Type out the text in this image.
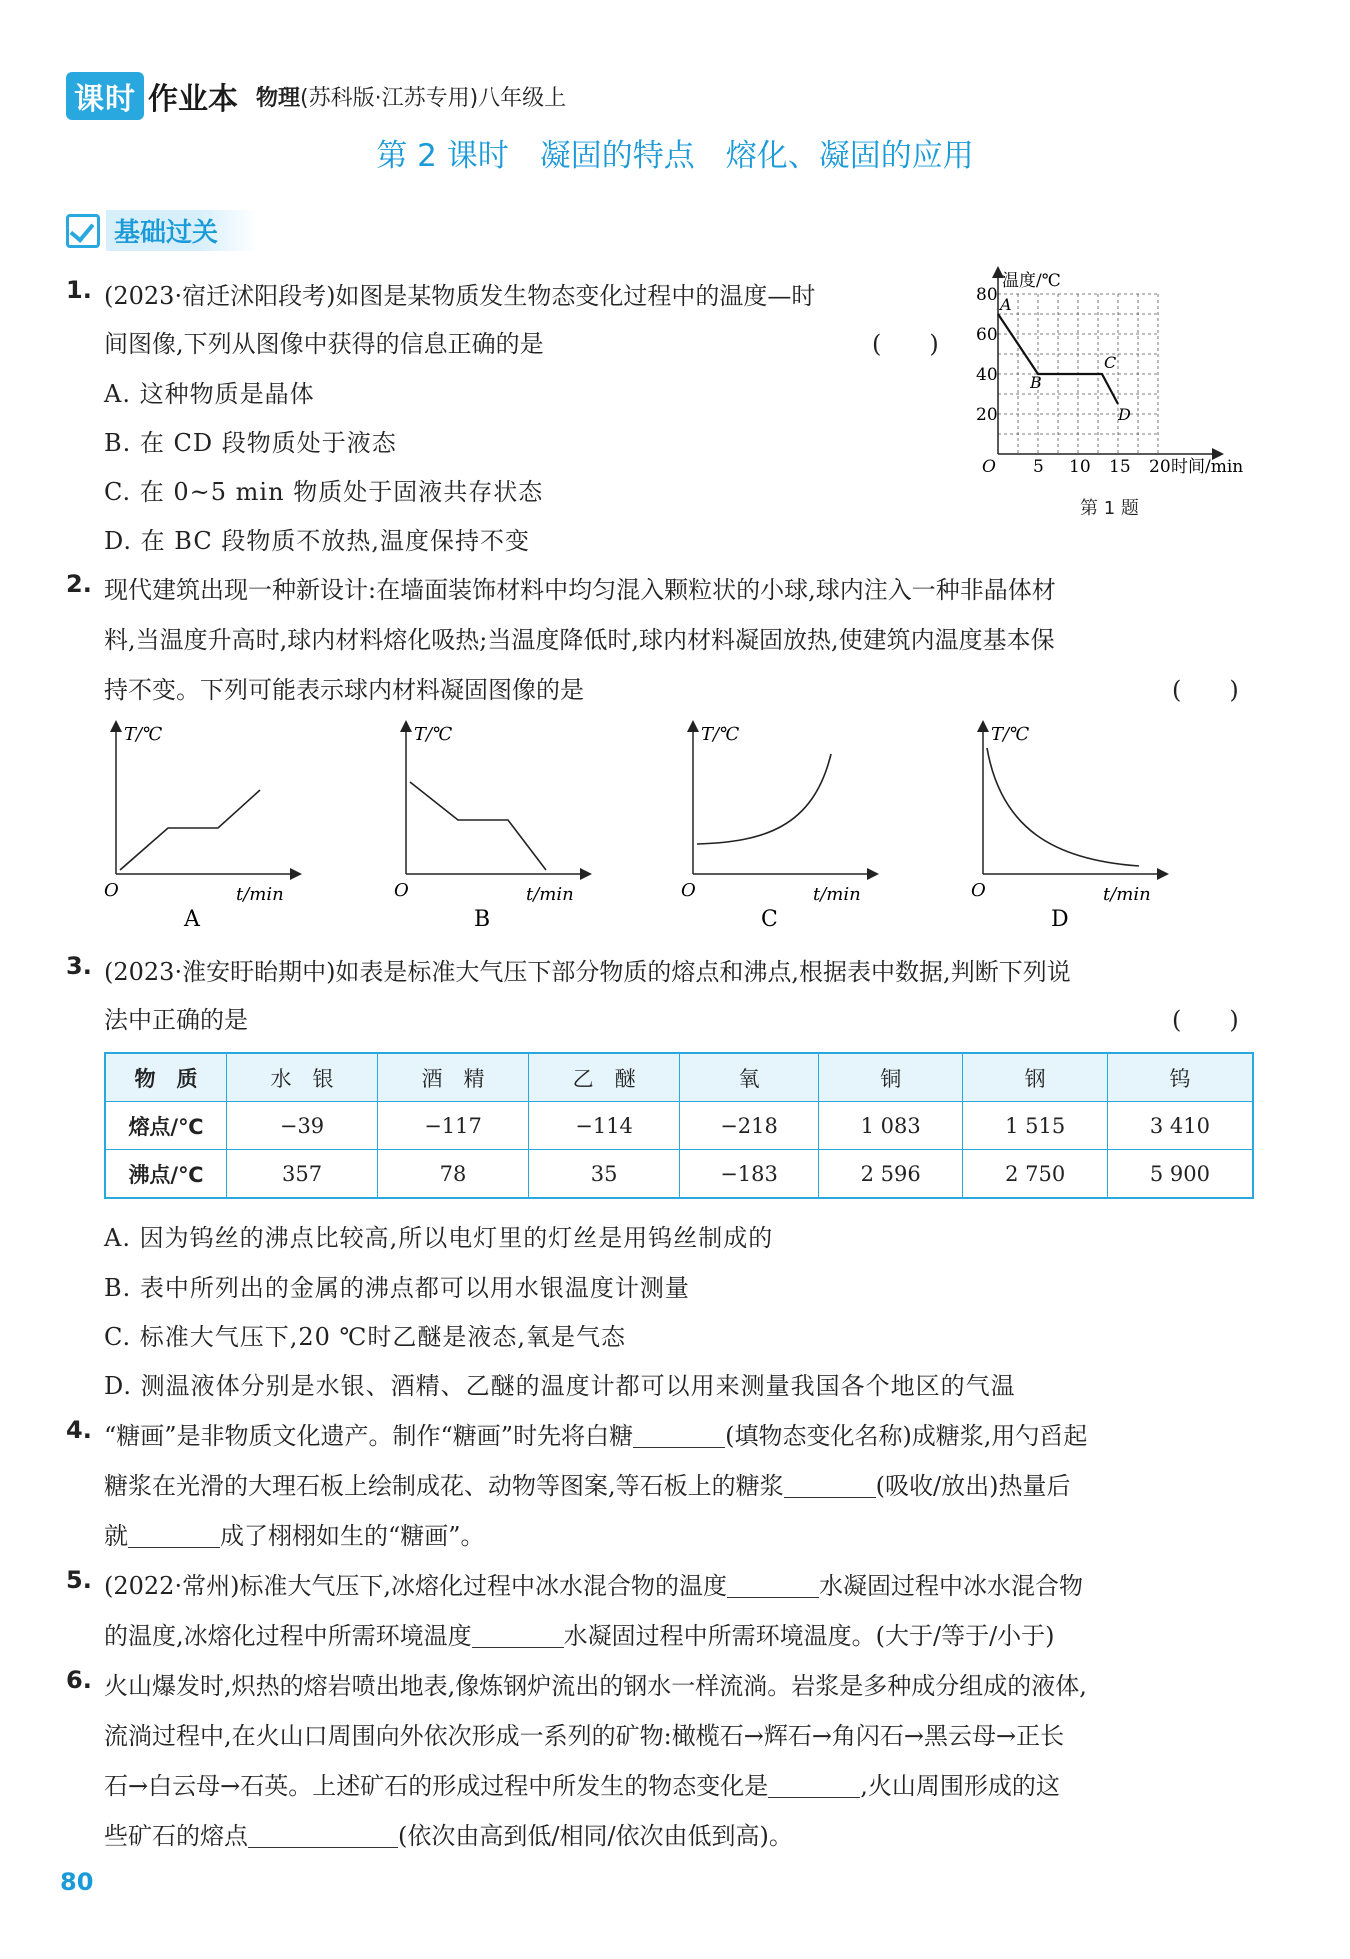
课时 作业本 物理(苏科版·江苏专用)八年级上
第 2 课时　凝固的特点　熔化、凝固的应用
基础过关
1. (2023·宿迁沭阳段考)如图是某物质发生物态变化过程中的温度—时
间图像,下列从图像中获得的信息正确的是	(　　)
A. 这种物质是晶体
B. 在 CD 段物质处于液态
C. 在 0~5 min 物质处于固液共存状态
D. 在 BC 段物质不放热,温度保持不变
温度/℃
时间/min
O 5 10 15 20
20
40
60
80 A
B
C
D
第 1 题
2. 现代建筑出现一种新设计:在墙面装饰材料中均匀混入颗粒状的小球,球内注入一种非晶体材
料,当温度升高时,球内材料熔化吸热;当温度降低时,球内材料凝固放热,使建筑内温度基本保
持不变。下列可能表示球内材料凝固图像的是	(　　)
T/℃
t/min
O
A
T/℃
t/min
O
B
T/℃
t/min
O
C
T/℃
t/min
O
D
3. (2023·淮安盱眙期中)如表是标准大气压下部分物质的熔点和沸点,根据表中数据,判断下列说
法中正确的是	(　　)
物　质	水　银	酒　精	乙　醚	氧	铜	钢	钨
熔点/℃	−39	−117	−114	−218	1 083	1 515	3 410
沸点/℃	357	78	35	−183	2 596	2 750	5 900
A. 因为钨丝的沸点比较高,所以电灯里的灯丝是用钨丝制成的
B. 表中所列出的金属的沸点都可以用水银温度计测量
C. 标准大气压下,20 ℃时乙醚是液态,氧是气态
D. 测温液体分别是水银、酒精、乙醚的温度计都可以用来测量我国各个地区的气温
4. “糖画”是非物质文化遗产。制作“糖画”时先将白糖	(填物态变化名称)成糖浆,用勺舀起
糖浆在光滑的大理石板上绘制成花、动物等图案,等石板上的糖浆	(吸收/放出)热量后
就	成了栩栩如生的“糖画”。
5. (2022·常州)标准大气压下,冰熔化过程中冰水混合物的温度	水凝固过程中冰水混合物
的温度,冰熔化过程中所需环境温度	水凝固过程中所需环境温度。(大于/等于/小于)
6. 火山爆发时,炽热的熔岩喷出地表,像炼钢炉流出的钢水一样流淌。岩浆是多种成分组成的液体,
流淌过程中,在火山口周围向外依次形成一系列的矿物:橄榄石→辉石→角闪石→黑云母→正长
石→白云母→石英。上述矿石的形成过程中所发生的物态变化是	,火山周围形成的这
些矿石的熔点	(依次由高到低/相同/依次由低到高)。
80
